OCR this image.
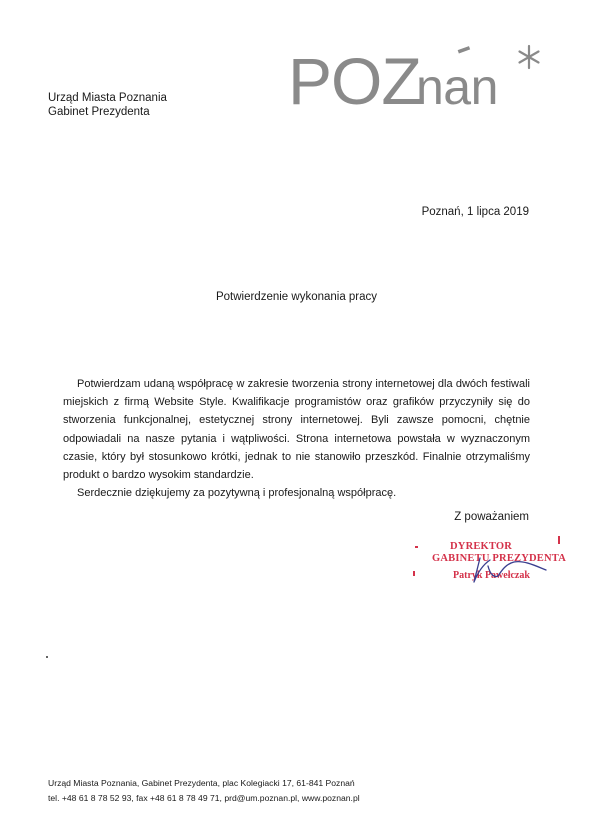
Urząd Miasta Poznania
Gabinet Prezydenta POZ
nan
Poznań, 1 lipca 2019
Potwierdzenie wykonania pracy

Potwierdzam udaną współpracę w zakresie tworzenia strony internetowej dla dwóch festiwali miejskich z firmą Website Style. Kwalifikacje programistów oraz grafików przyczyniły się do stworzenia funkcjonalnej, estetycznej strony internetowej. Byli zawsze pomocni, chętnie odpowiadali na nasze pytania i wątpliwości. Strona internetowa powstała w wyznaczonym czasie, który był stosunkowo krótki, jednak to nie stanowiło przeszkód. Finalnie otrzymaliśmy produkt o bardzo wysokim standardzie.

Serdecznie dziękujemy za pozytywną i profesjonalną współpracę.

Z poważaniem
DYREKTOR
GABINETU PREZYDENTA
Patryk Pawełczak
Urząd Miasta Poznania, Gabinet Prezydenta, plac Kolegiacki 17, 61-841 Poznań
tel. +48 61 8 78 52 93, fax +48 61 8 78 49 71, prd@um.poznan.pl, www.poznan.pl
